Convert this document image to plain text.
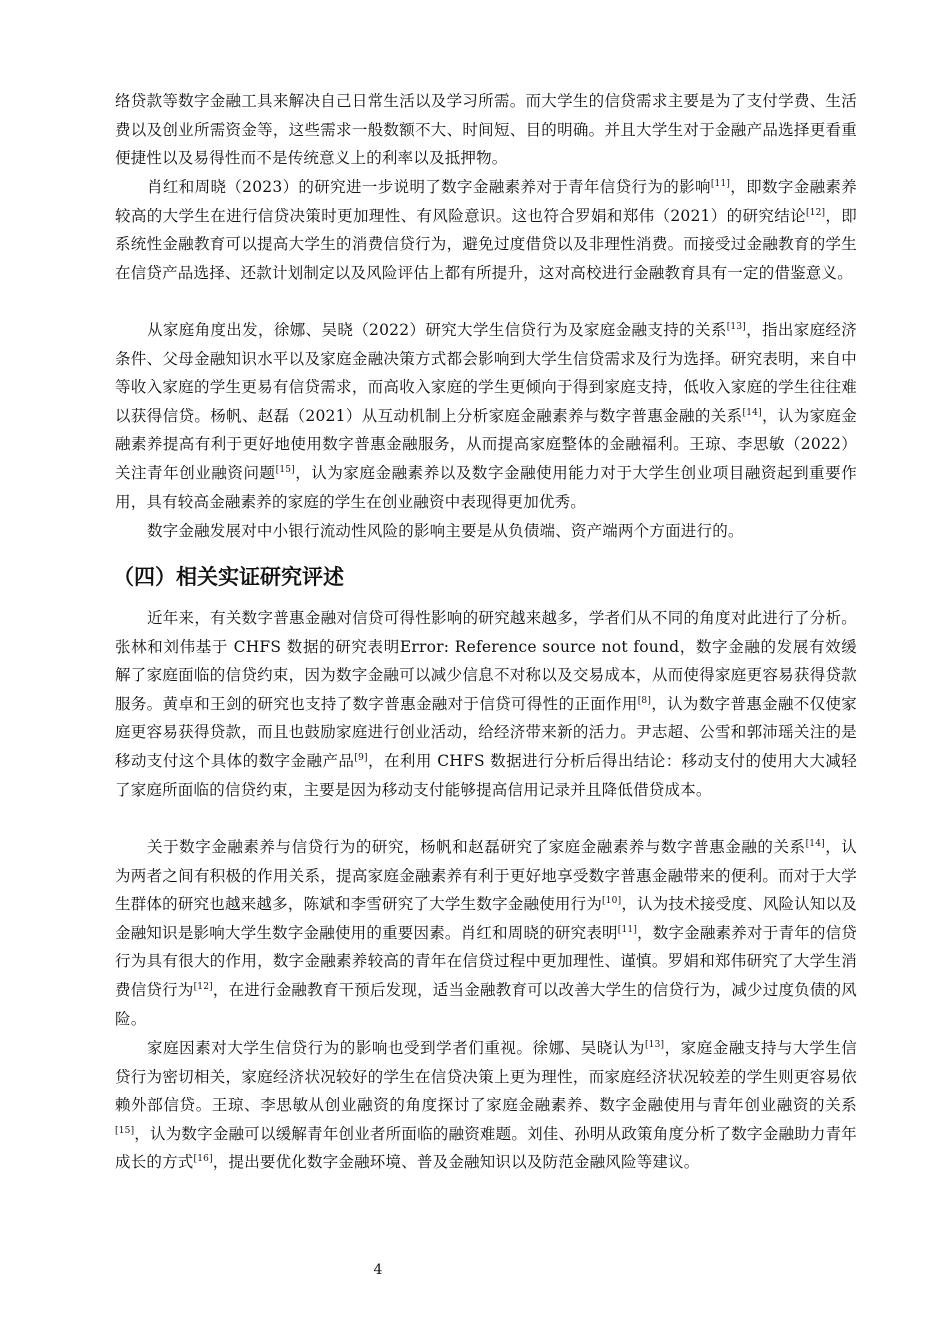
络贷款等数字金融工具来解决自己日常生活以及学习所需。而大学生的信贷需求主要是为了支付学费、生活费以及创业所需资金等，这些需求一般数额不大、时间短、目的明确。并且大学生对于金融产品选择更看重便捷性以及易得性而不是传统意义上的利率以及抵押物。

肖红和周晓（2023）的研究进一步说明了数字金融素养对于青年信贷行为的影响[11]，即数字金融素养较高的大学生在进行信贷决策时更加理性、有风险意识。这也符合罗娟和郑伟（2021）的研究结论[12]，即系统性金融教育可以提高大学生的消费信贷行为，避免过度借贷以及非理性消费。而接受过金融教育的学生在信贷产品选择、还款计划制定以及风险评估上都有所提升，这对高校进行金融教育具有一定的借鉴意义。

从家庭角度出发，徐娜、吴晓（2022）研究大学生信贷行为及家庭金融支持的关系[13]，指出家庭经济条件、父母金融知识水平以及家庭金融决策方式都会影响到大学生信贷需求及行为选择。研究表明，来自中等收入家庭的学生更易有信贷需求，而高收入家庭的学生更倾向于得到家庭支持，低收入家庭的学生往往难以获得信贷。杨帆、赵磊（2021）从互动机制上分析家庭金融素养与数字普惠金融的关系[14]，认为家庭金融素养提高有利于更好地使用数字普惠金融服务，从而提高家庭整体的金融福利。王琼、李思敏（2022）关注青年创业融资问题[15]，认为家庭金融素养以及数字金融使用能力对于大学生创业项目融资起到重要作用，具有较高金融素养的家庭的学生在创业融资中表现得更加优秀。

数字金融发展对中小银行流动性风险的影响主要是从负债端、资产端两个方面进行的。

（四）相关实证研究评述

近年来，有关数字普惠金融对信贷可得性影响的研究越来越多，学者们从不同的角度对此进行了分析。张林和刘伟基于 CHFS 数据的研究表明Error: Reference source not found，数字金融的发展有效缓解了家庭面临的信贷约束，因为数字金融可以减少信息不对称以及交易成本，从而使得家庭更容易获得贷款服务。黄卓和王剑的研究也支持了数字普惠金融对于信贷可得性的正面作用[8]，认为数字普惠金融不仅使家庭更容易获得贷款，而且也鼓励家庭进行创业活动，给经济带来新的活力。尹志超、公雪和郭沛瑶关注的是移动支付这个具体的数字金融产品[9]，在利用 CHFS 数据进行分析后得出结论：移动支付的使用大大减轻了家庭所面临的信贷约束，主要是因为移动支付能够提高信用记录并且降低借贷成本。

关于数字金融素养与信贷行为的研究，杨帆和赵磊研究了家庭金融素养与数字普惠金融的关系[14]，认为两者之间有积极的作用关系，提高家庭金融素养有利于更好地享受数字普惠金融带来的便利。而对于大学生群体的研究也越来越多，陈斌和李雪研究了大学生数字金融使用行为[10]，认为技术接受度、风险认知以及金融知识是影响大学生数字金融使用的重要因素。肖红和周晓的研究表明[11]，数字金融素养对于青年的信贷行为具有很大的作用，数字金融素养较高的青年在信贷过程中更加理性、谨慎。罗娟和郑伟研究了大学生消费信贷行为[12]，在进行金融教育干预后发现，适当金融教育可以改善大学生的信贷行为，减少过度负债的风险。

家庭因素对大学生信贷行为的影响也受到学者们重视。徐娜、吴晓认为[13]，家庭金融支持与大学生信贷行为密切相关，家庭经济状况较好的学生在信贷决策上更为理性，而家庭经济状况较差的学生则更容易依赖外部信贷。王琼、李思敏从创业融资的角度探讨了家庭金融素养、数字金融使用与青年创业融资的关系[15]，认为数字金融可以缓解青年创业者所面临的融资难题。刘佳、孙明从政策角度分析了数字金融助力青年成长的方式[16]，提出要优化数字金融环境、普及金融知识以及防范金融风险等建议。

4
